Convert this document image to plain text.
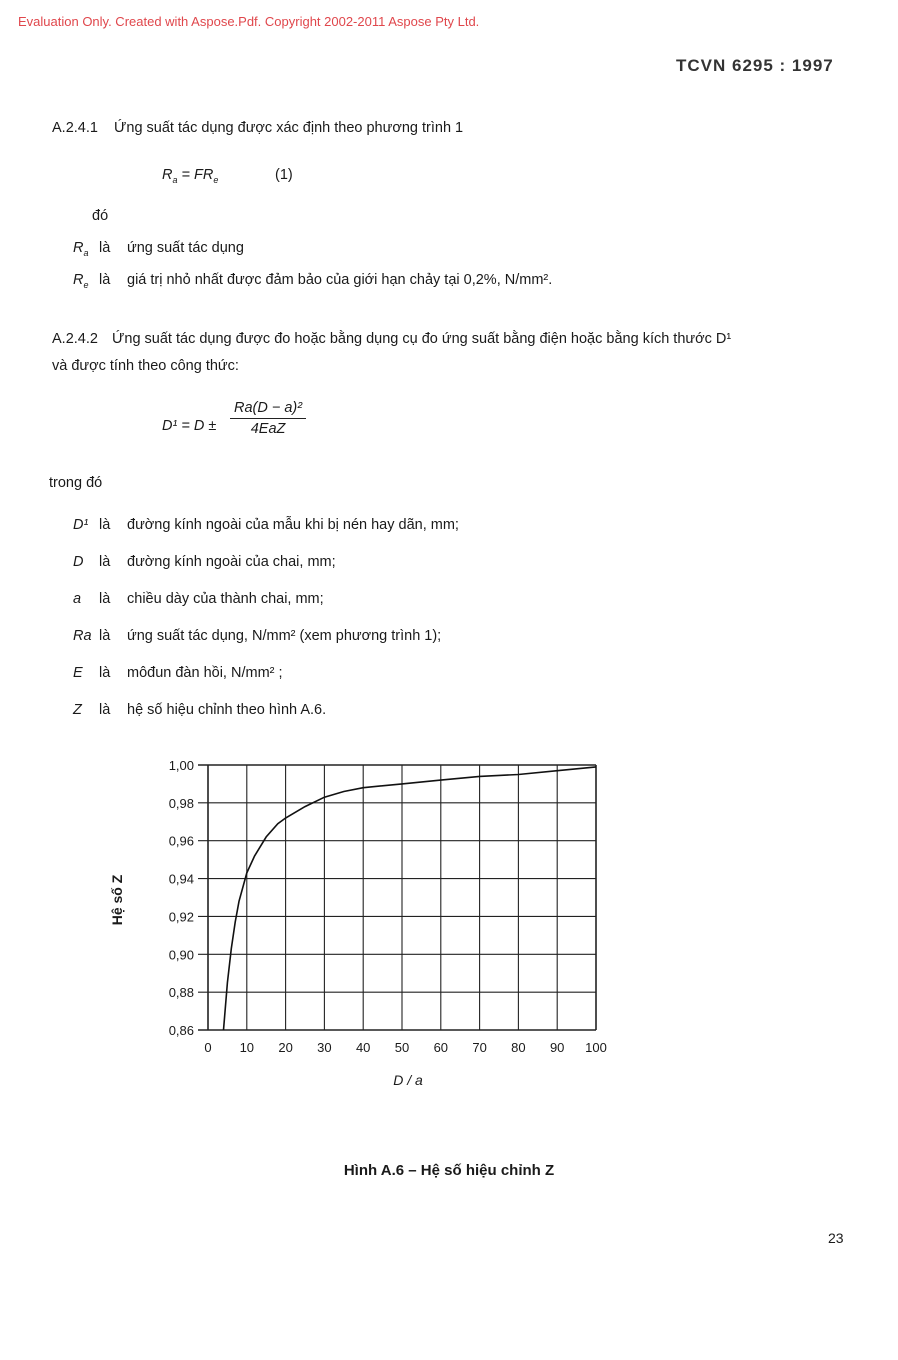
Evaluation Only. Created with Aspose.Pdf. Copyright 2002-2011 Aspose Pty Ltd.
TCVN 6295 : 1997
A.2.4.1 Ứng suất tác dụng được xác định theo phương trình 1
$R_a = FR_e$	(1)
đó
$R_a$ là ứng suất tác dụng
$R_e$ là giá trị nhỏ nhất được đảm bảo của giới hạn chảy tại 0,2%, N/mm².
A.2.4.2 Ứng suất tác dụng được đo hoặc bằng dụng cụ đo ứng suất bằng điện hoặc bằng kích thước D¹
và được tính theo công thức:
D¹ = D ±
Ra(D − a)²
4EaZ
trong đó
D¹ là đường kính ngoài của mẫu khi bị nén hay dãn, mm;
D là đường kính ngoài của chai, mm;
a là chiều dày của thành chai, mm;
Ra là ứng suất tác dụng, N/mm² (xem phương trình 1);
E là môđun đàn hồi, N/mm² ;
Z là hệ số hiệu chỉnh theo hình A.6.
0,86
0,88
0,90
0,92
0,94
0,96
0,98
1,00
0 10 20 30 40 50 60 70 80 90 100
Hệ số Z
D / a
Hình A.6 – Hệ số hiệu chỉnh Z
23
